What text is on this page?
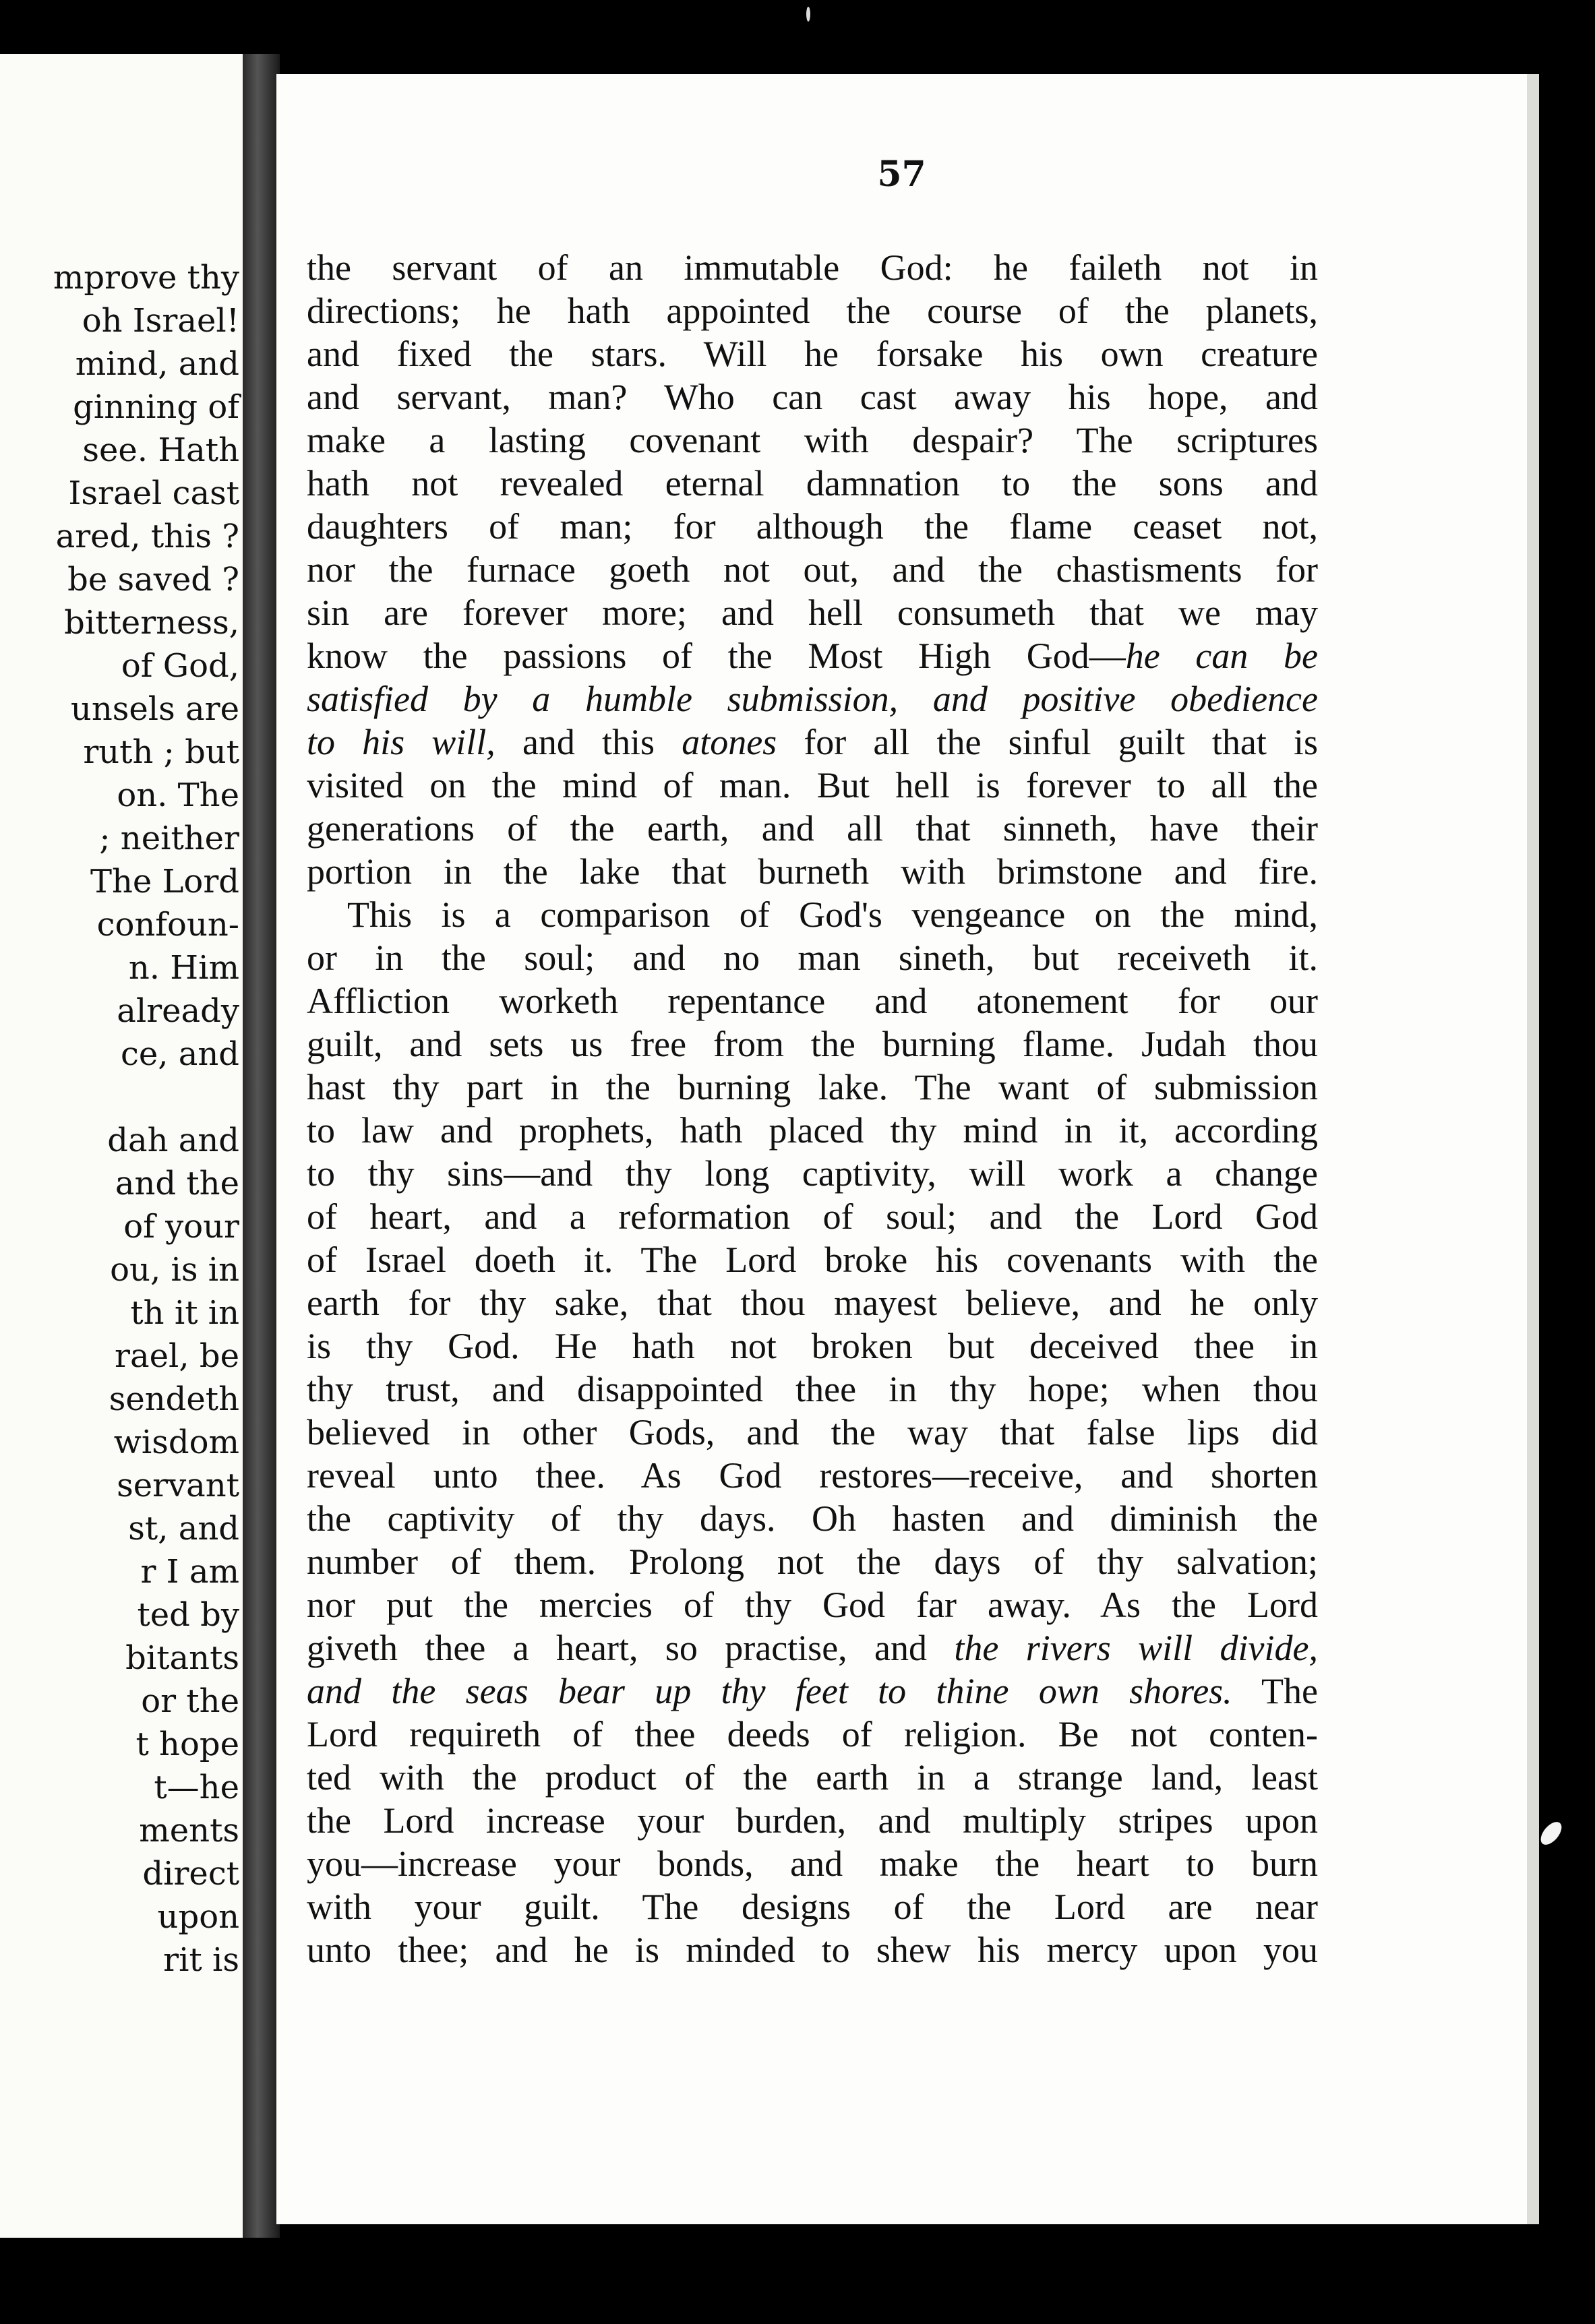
mprove thy
oh Israel!
mind, and
ginning of
see. Hath
Israel cast
ared, this ?
be saved ?
bitterness,
of God,
unsels are
ruth ; but
on. The
; neither
The Lord
confoun-
n. Him
already
ce, and
dah and
and the
of your
ou, is in
th it in
rael, be
sendeth
wisdom
servant
st, and
r I am
ted by
bitants
or the
t hope
t—he
ments
direct
upon
rit is
57
the servant of an immutable God: he faileth not in
directions; he hath appointed the course of the planets,
and fixed the stars. Will he forsake his own creature
and servant, man? Who can cast away his hope, and
make a lasting covenant with despair? The scriptures
hath not revealed eternal damnation to the sons and
daughters of man; for although the flame ceaset not,
nor the furnace goeth not out, and the chastisments for
sin are forever more; and hell consumeth that we may
know the passions of the Most High God—he can be
satisfied by a humble submission, and positive obedience
to his will, and this atones for all the sinful guilt that is
visited on the mind of man. But hell is forever to all the
generations of the earth, and all that sinneth, have their
portion in the lake that burneth with brimstone and fire.
This is a comparison of God's vengeance on the mind,
or in the soul; and no man sineth, but receiveth it.
Affliction worketh repentance and atonement for our
guilt, and sets us free from the burning flame. Judah thou
hast thy part in the burning lake. The want of submission
to law and prophets, hath placed thy mind in it, according
to thy sins—and thy long captivity, will work a change
of heart, and a reformation of soul; and the Lord God
of Israel doeth it. The Lord broke his covenants with the
earth for thy sake, that thou mayest believe, and he only
is thy God. He hath not broken but deceived thee in
thy trust, and disappointed thee in thy hope; when thou
believed in other Gods, and the way that false lips did
reveal unto thee. As God restores—receive, and shorten
the captivity of thy days. Oh hasten and diminish the
number of them. Prolong not the days of thy salvation;
nor put the mercies of thy God far away. As the Lord
giveth thee a heart, so practise, and the rivers will divide,
and the seas bear up thy feet to thine own shores. The
Lord requireth of thee deeds of religion. Be not conten-
ted with the product of the earth in a strange land, least
the Lord increase your burden, and multiply stripes upon
you—increase your bonds, and make the heart to burn
with your guilt. The designs of the Lord are near
unto thee; and he is minded to shew his mercy upon you
